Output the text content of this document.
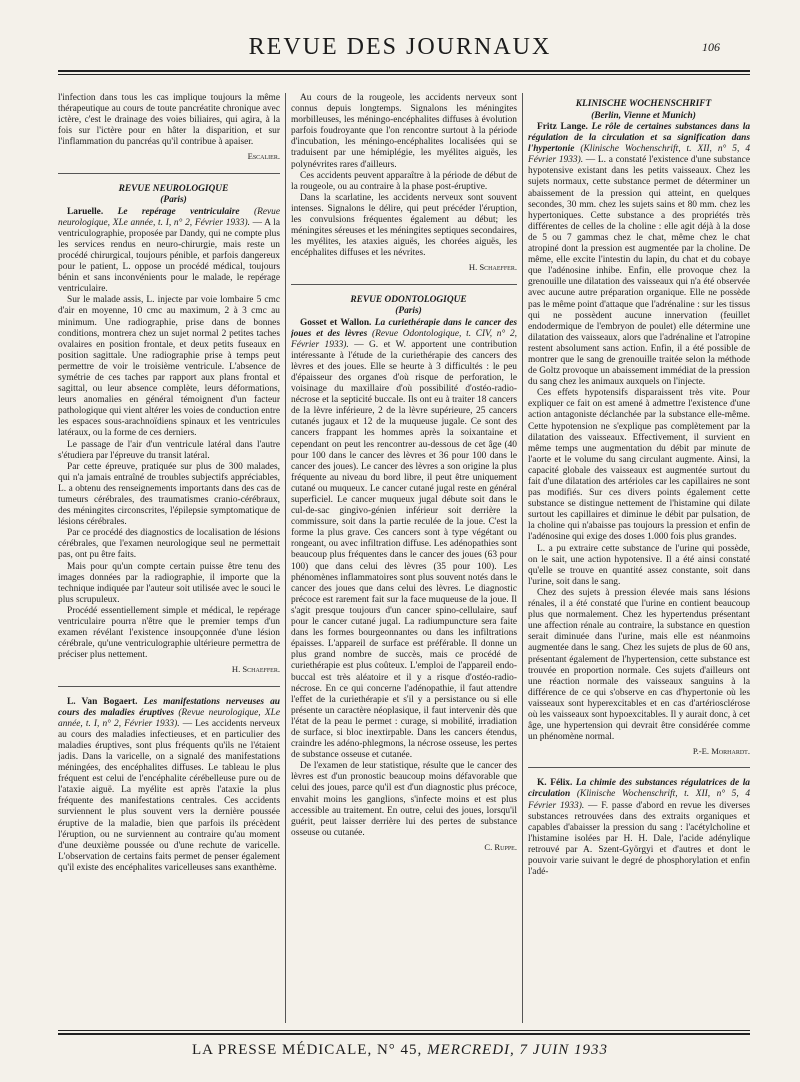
REVUE DES JOURNAUX	106

l'infection dans tous les cas implique toujours la même thérapeutique au cours de toute pancréatite chronique avec ictère, c'est le drainage des voies biliaires, qui agira, à la fois sur l'ictère pour en hâter la disparition, et sur l'inflammation du pancréas qu'il contribue à apaiser.

Escalier.

REVUE NEUROLOGIQUE

(Paris)

Laruelle. Le repérage ventriculaire (Revue neurologique, XLe année, t. I, n° 2, Février 1933). — A la ventriculographie, proposée par Dandy, qui ne compte plus les services rendus en neuro-chirurgie, mais reste un procédé chirurgical, toujours pénible, et parfois dangereux pour le patient, L. oppose un procédé médical, toujours bénin et sans inconvénients pour le malade, le repérage ventriculaire.

Sur le malade assis, L. injecte par voie lombaire 5 cmc d'air en moyenne, 10 cmc au maximum, 2 à 3 cmc au minimum. Une radiographie, prise dans de bonnes conditions, montrera chez un sujet normal 2 petites taches ovalaires en position frontale, et deux petits fuseaux en position sagittale. Une radiographie prise à temps peut permettre de voir le troisième ventricule. L'absence de symétrie de ces taches par rapport aux plans frontal et sagittal, ou leur absence complète, leurs déformations, leurs anomalies en général témoignent d'un facteur pathologique qui vient altérer les voies de conduction entre les espaces sous-arachnoïdiens spinaux et les ventricules latéraux, ou la forme de ces derniers.

Le passage de l'air d'un ventricule latéral dans l'autre s'étudiera par l'épreuve du transit latéral.

Par cette épreuve, pratiquée sur plus de 300 malades, qui n'a jamais entraîné de troubles subjectifs appréciables, L. a obtenu des renseignements importants dans des cas de tumeurs cérébrales, des traumatismes cranio-cérébraux, des méningites circonscrites, l'épilepsie symptomatique de lésions cérébrales.

Par ce procédé des diagnostics de localisation de lésions cérébrales, que l'examen neurologique seul ne permettait pas, ont pu être faits.

Mais pour qu'un compte certain puisse être tenu des images données par la radiographie, il importe que la technique indiquée par l'auteur soit utilisée avec le souci le plus scrupuleux.

Procédé essentiellement simple et médical, le repérage ventriculaire pourra n'être que le premier temps d'un examen révélant l'existence insoupçonnée d'une lésion cérébrale, qu'une ventriculographie ultérieure permettra de préciser plus nettement.

H. Schaeffer.

L. Van Bogaert. Les manifestations nerveuses au cours des maladies éruptives (Revue neurologique, XLe année, t. I, n° 2, Février 1933). — Les accidents nerveux au cours des maladies infectieuses, et en particulier des maladies éruptives, sont plus fréquents qu'ils ne l'étaient jadis. Dans la varicelle, on a signalé des manifestations méningées, des encéphalites diffuses. Le tableau le plus fréquent est celui de l'encéphalite cérébelleuse pure ou de l'ataxie aiguë. La myélite est après l'ataxie la plus fréquente des manifestations centrales. Ces accidents surviennent le plus souvent vers la dernière poussée éruptive de la maladie, bien que parfois ils précèdent l'éruption, ou ne surviennent au contraire qu'au moment d'une deuxième poussée ou d'une rechute de varicelle. L'observation de certains faits permet de penser également qu'il existe des encéphalites varicelleuses sans exanthème.

Au cours de la rougeole, les accidents nerveux sont connus depuis longtemps. Signalons les méningites morbilleuses, les méningo-encéphalites diffuses à évolution parfois foudroyante que l'on rencontre surtout à la période d'incubation, les méningo-encéphalites localisées qui se traduisent par une hémiplégie, les myélites aiguës, les polynévrites rares d'ailleurs.

Ces accidents peuvent apparaître à la période de début de la rougeole, ou au contraire à la phase post-éruptive.

Dans la scarlatine, les accidents nerveux sont souvent intenses. Signalons le délire, qui peut précéder l'éruption, les convulsions fréquentes également au début; les méningites séreuses et les méningites septiques secondaires, les myélites, les ataxies aiguës, les chorées aiguës, les encéphalites diffuses et les névrites.

H. Schaeffer.

REVUE ODONTOLOGIQUE

(Paris)

Gosset et Wallon. La curiethérapie dans le cancer des joues et des lèvres (Revue Odontologique, t. CIV, n° 2, Février 1933). — G. et W. apportent une contribution intéressante à l'étude de la curiethérapie des cancers des lèvres et des joues. Elle se heurte à 3 difficultés : le peu d'épaisseur des organes d'où risque de perforation, le voisinage du maxillaire d'où possibilité d'ostéo-radio-nécrose et la septicité buccale. Ils ont eu à traiter 18 cancers de la lèvre inférieure, 2 de la lèvre supérieure, 25 cancers cutanés jugaux et 12 de la muqueuse jugale. Ce sont des cancers frappant les hommes après la soixantaine et cependant on peut les rencontrer au-dessous de cet âge (40 pour 100 dans le cancer des lèvres et 36 pour 100 dans le cancer des joues). Le cancer des lèvres a son origine la plus fréquente au niveau du bord libre, il peut être uniquement cutané ou muqueux. Le cancer cutané jugal reste en général superficiel. Le cancer muqueux jugal débute soit dans le cul-de-sac gingivo-génien inférieur soit derrière la commissure, soit dans la partie reculée de la joue. C'est la forme la plus grave. Ces cancers sont à type végétant ou rongeant, ou avec infiltration diffuse. Les adénopathies sont beaucoup plus fréquentes dans le cancer des joues (63 pour 100) que dans celui des lèvres (35 pour 100). Les phénomènes inflammatoires sont plus souvent notés dans le cancer des joues que dans celui des lèvres. Le diagnostic précoce est rarement fait sur la face muqueuse de la joue. Il s'agit presque toujours d'un cancer spino-cellulaire, sauf pour le cancer cutané jugal. La radiumpuncture sera faite dans les formes bourgeonnantes ou dans les infiltrations épaisses. L'appareil de surface est préférable. Il donne un plus grand nombre de succès, mais ce procédé de curiethérapie est plus coûteux. L'emploi de l'appareil endo-buccal est très aléatoire et il y a risque d'ostéo-radio-nécrose. En ce qui concerne l'adénopathie, il faut attendre l'effet de la curiethérapie et s'il y a persistance ou si elle présente un caractère néoplasique, il faut intervenir dès que l'état de la peau le permet : curage, si mobilité, irradiation de surface, si bloc inextirpable. Dans les cancers étendus, craindre les adéno-phlegmons, la nécrose osseuse, les pertes de substance osseuse et cutanée.

De l'examen de leur statistique, résulte que le cancer des lèvres est d'un pronostic beaucoup moins défavorable que celui des joues, parce qu'il est d'un diagnostic plus précoce, envahit moins les ganglions, s'infecte moins et est plus accessible au traitement. En outre, celui des joues, lorsqu'il guérit, peut laisser derrière lui des pertes de substance osseuse ou cutanée.

C. Ruppe.

KLINISCHE WOCHENSCHRIFT

(Berlin, Vienne et Munich)

Fritz Lange. Le rôle de certaines substances dans la régulation de la circulation et sa signification dans l'hypertonie (Klinische Wochenschrift, t. XII, n° 5, 4 Février 1933). — L. a constaté l'existence d'une substance hypotensive existant dans les petits vaisseaux. Chez les sujets normaux, cette substance permet de déterminer un abaissement de la pression qui atteint, en quelques secondes, 30 mm. chez les sujets sains et 80 mm. chez les hypertoniques. Cette substance a des propriétés très différentes de celles de la choline : elle agit déjà à la dose de 5 ou 7 gammas chez le chat, même chez le chat atropiné dont la pression est augmentée par la choline. De même, elle excite l'intestin du lapin, du chat et du cobaye que l'adénosine inhibe. Enfin, elle provoque chez la grenouille une dilatation des vaisseaux qui n'a été observée avec aucune autre préparation organique. Elle ne possède pas le même point d'attaque que l'adrénaline : sur les tissus qui ne possèdent aucune innervation (feuillet endodermique de l'embryon de poulet) elle détermine une dilatation des vaisseaux, alors que l'adrénaline et l'atropine restent absolument sans action. Enfin, il a été possible de montrer que le sang de grenouille traitée selon la méthode de Goltz provoque un abaissement immédiat de la pression du sang chez les animaux auxquels on l'injecte.

Ces effets hypotensifs disparaissent très vite. Pour expliquer ce fait on est amené à admettre l'existence d'une action antagoniste déclanchée par la substance elle-même. Cette hypotension ne s'explique pas complètement par la dilatation des vaisseaux. Effectivement, il survient en même temps une augmentation du débit par minute de l'aorte et le volume du sang circulant augmente. Ainsi, la capacité globale des vaisseaux est augmentée surtout du fait d'une dilatation des artérioles car les capillaires ne sont pas modifiés. Sur ces divers points également cette substance se distingue nettement de l'histamine qui dilate surtout les capillaires et diminue le débit par pulsation, de la choline qui n'abaisse pas toujours la pression et enfin de l'adénosine qui exige des doses 1.000 fois plus grandes.

L. a pu extraire cette substance de l'urine qui possède, on le sait, une action hypotensive. Il a été ainsi constaté qu'elle se trouve en quantité assez constante, soit dans l'urine, soit dans le sang.

Chez des sujets à pression élevée mais sans lésions rénales, il a été constaté que l'urine en contient beaucoup plus que normalement. Chez les hypertendus présentant une affection rénale au contraire, la substance en question serait diminuée dans l'urine, mais elle est néanmoins augmentée dans le sang. Chez les sujets de plus de 60 ans, présentant également de l'hypertension, cette substance est trouvée en proportion normale. Ces sujets d'ailleurs ont une réaction normale des vaisseaux sanguins à la différence de ce qui s'observe en cas d'hypertonie où les vaisseaux sont hyperexcitables et en cas d'artériosclérose où les vaisseaux sont hypoexcitables. Il y aurait donc, à cet âge, une hypertension qui devrait être considérée comme un phénomène normal.

P.-E. Morhardt.

K. Félix. La chimie des substances régulatrices de la circulation (Klinische Wochenschrift, t. XII, n° 5, 4 Février 1933). — F. passe d'abord en revue les diverses substances retrouvées dans des extraits organiques et capables d'abaisser la pression du sang : l'acétylcholine et l'histamine isolées par H. H. Dale, l'acide adénylique retrouvé par A. Szent-Györgyi et d'autres et dont le pouvoir varie suivant le degré de phosphorylation et enfin l'adé-

LA PRESSE MÉDICALE, N° 45, MERCREDI, 7 JUIN 1933
